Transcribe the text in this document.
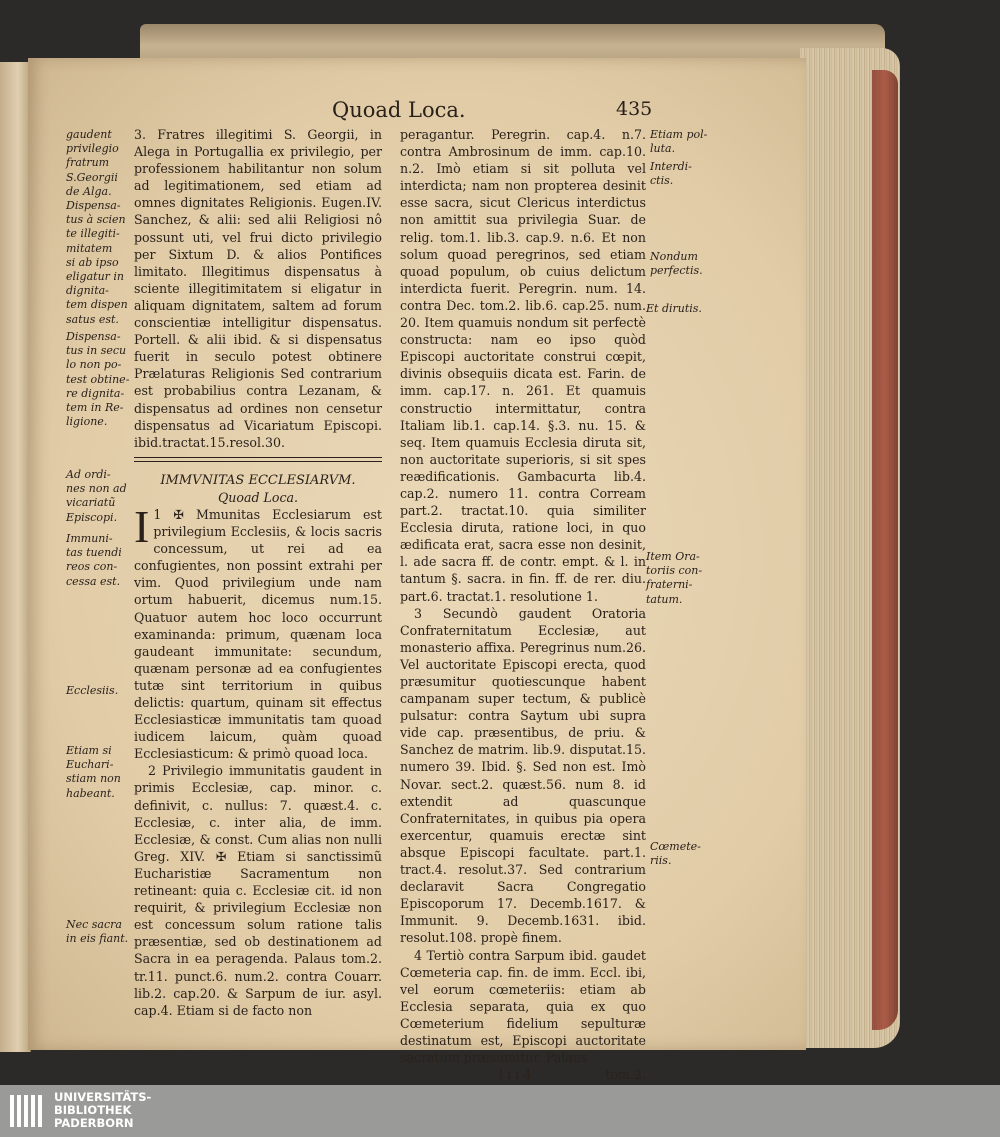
Quoad Loca.	435
gaudent
privilegio
fratrum
S.Georgii
de Alga.
Dispensa-
tus à scien
te illegiti-
mitatem
si ab ipso
eligatur in
dignita-
tem dispen
satus est.
Dispensa-
tus in secu
lo non po-
test obtine-
re dignita-
tem in Re-
ligione.
Ad ordi-
nes non ad
vicariatũ
Episcopi.
Immuni-
tas tuendi
reos con-
cessa est.
Ecclesiis.
Etiam si
Euchari-
stiam non
habeant.
Nec sacra
in eis fiant.

3. Fratres illegitimi S. Georgii, in Alega in Portugallia ex privilegio, per professionem habilitantur non solum ad legitimationem, sed etiam ad omnes dignitates Religionis. Eugen.IV. Sanchez, & alii: sed alii Religiosi nô possunt uti, vel frui dicto privilegio per Sixtum D. & alios Pontifices limitato. Illegitimus dispensatus à sciente illegitimitatem si eligatur in aliquam dignitatem, saltem ad forum conscientiæ intelligitur dispensatus. Portell. & alii ibid. & si dispensatus fuerit in seculo potest obtinere Prælaturas Religionis Sed contrarium est probabilius contra Lezanam, & dispensatus ad ordines non censetur dispensatus ad Vicariatum Episcopi. ibid.tractat.15.resol.30.

IMMVNITAS ECCLESIARVM.

Quoad Loca.

I 1 ✠ Mmunitas Ecclesiarum est privilegium Ecclesiis, & locis sacris concessum, ut rei ad ea confugientes, non possint extrahi per vim. Quod privilegium unde nam ortum habuerit, dicemus num.15. Quatuor autem hoc loco occurrunt examinanda: primum, quænam loca gaudeant immunitate: secundum, quænam personæ ad ea confugientes tutæ sint territorium in quibus delictis: quartum, quinam sit effectus Ecclesiasticæ immunitatis tam quoad iudicem laicum, quàm quoad Ecclesiasticum: & primò quoad loca.

2 Privilegio immunitatis gaudent in primis Ecclesiæ, cap. minor. c. definivit, c. nullus: 7. quæst.4. c. Ecclesiæ, c. inter alia, de imm. Ecclesiæ, & const. Cum alias non nulli Greg. XIV. ✠ Etiam si sanctissimũ Eucharistiæ Sacramentum non retineant: quia c. Ecclesiæ cit. id non requirit, & privilegium Ecclesiæ non est concessum solum ratione talis præsentiæ, sed ob destinationem ad Sacra in ea peragenda. Palaus tom.2. tr.11. punct.6. num.2. contra Couarr. lib.2. cap.20. & Sarpum de iur. asyl. cap.4. Etiam si de facto non

peragantur. Peregrin. cap.4. n.7. contra Ambrosinum de imm. cap.10. n.2. Imò etiam si sit polluta vel interdicta; nam non propterea desinit esse sacra, sicut Clericus interdictus non amittit sua privilegia Suar. de relig. tom.1. lib.3. cap.9. n.6. Et non solum quoad peregrinos, sed etiam quoad populum, ob cuius delictum interdicta fuerit. Peregrin. num. 14. contra Dec. tom.2. lib.6. cap.25. num. 20. Item quamuis nondum sit perfectè constructa: nam eo ipso quòd Episcopi auctoritate construi cœpit, divinis obsequiis dicata est. Farin. de imm. cap.17. n. 261. Et quamuis constructio intermittatur, contra Italiam lib.1. cap.14. §.3. nu. 15. & seq. Item quamuis Ecclesia diruta sit, non auctoritate superioris, si sit spes reædificationis. Gambacurta lib.4. cap.2. numero 11. contra Corream part.2. tractat.10. quia similiter Ecclesia diruta, ratione loci, in quo ædificata erat, sacra esse non desinit, l. ade sacra ff. de contr. empt. & l. in tantum §. sacra. in fin. ff. de rer. diu. part.6. tractat.1. resolutione 1.

3 Secundò gaudent Oratoria Confraternitatum Ecclesiæ, aut monasterio affixa. Peregrinus num.26. Vel auctoritate Episcopi erecta, quod præsumitur quotiescunque habent campanam super tectum, & publicè pulsatur: contra Saytum ubi supra vide cap. præsentibus, de priu. & Sanchez de matrim. lib.9. disputat.15. numero 39. Ibid. §. Sed non est. Imò Novar. sect.2. quæst.56. num 8. id extendit ad quascunque Confraternitates, in quibus pia opera exercentur, quamuis erectæ sint absque Episcopi facultate. part.1. tract.4. resolut.37. Sed contrarium declaravit Sacra Congregatio Episcoporum 17. Decemb.1617. & Immunit. 9. Decemb.1631. ibid. resolut.108. propè finem.

4 Tertiò contra Sarpum ibid. gaudet Cœmeteria cap. fin. de imm. Eccl. ibi, vel eorum cœmeteriis: etiam ab Ecclesia separata, quia ex quo Cœmeterium fidelium sepulturæ destinatum est, Episcopi auctoritate sacratum præsumitur. Palaus

I i i 4	tom.2.

Etiam pol-
luta.
Interdi-
ctis.
Nondum
perfectis.
Et dirutis.
Item Ora-
toriis con-
fraterni-
tatum.
Cœmete-
riis.
UNIVERSITÄTS-
BIBLIOTHEK
PADERBORN
